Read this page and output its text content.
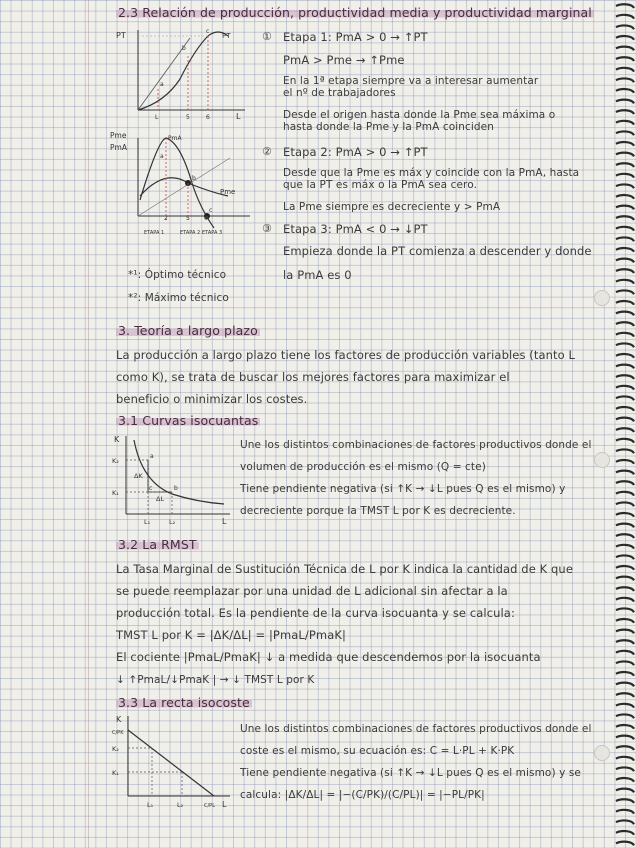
2.3 Relación de producción, productividad media y productividad marginal
PT	PT
a
b
c
L	5	6	L
Pme
PmA
PmA
Pme
a
b
c
2	5 6
ETAPA 1	ETAPA 2 ETAPA 3
① Etapa 1: PmA > 0 → ↑PT
PmA > Pme → ↑Pme
En la 1ª etapa siempre va a interesar aumentar
el nº de trabajadores
Desde el origen hasta donde la Pme sea máxima o
hasta donde la Pme y la PmA coinciden
② Etapa 2: PmA > 0 → ↑PT
Desde que la Pme es máx y coincide con la PmA, hasta
que la PT es máx o la PmA sea cero.
La Pme siempre es decreciente y > PmA
③ Etapa 3: PmA < 0 → ↓PT
Empieza donde la PT comienza a descender y donde
la PmA es 0
*¹: Óptimo técnico
*²: Máximo técnico
3. Teoría a largo plazo
La producción a largo plazo tiene los factores de producción variables (tanto L
como K), se trata de buscar los mejores factores para maximizar el
beneficio o minimizar los costes.
3.1 Curvas isocuantas
K
K₂
K₁
ΔK
ΔL
a
b
c
L₁	L₂	L
Une los distintos combinaciones de factores productivos donde el
volumen de producción es el mismo (Q = cte)
Tiene pendiente negativa (si ↑K → ↓L pues Q es el mismo) y
decreciente porque la TMST L por K es decreciente.
3.2 La RMST
La Tasa Marginal de Sustitución Técnica de L por K indica la cantidad de K que
se puede reemplazar por una unidad de L adicional sin afectar a la
producción total. Es la pendiente de la curva isocuanta y se calcula:
TMST L por K = |ΔK/ΔL| = |PmaL/PmaK|
El cociente |PmaL/PmaK| ↓ a medida que descendemos por la isocuanta
↓ ↑PmaL/↓PmaK | → ↓ TMST L por K
3.3 La recta isocoste
K
C/PK
K₂
K₁
L₁	L₂	C/PL L
Une los distintos combinaciones de factores productivos donde el
coste es el mismo, su ecuación es: C = L·PL + K·PK
Tiene pendiente negativa (si ↑K → ↓L pues Q es el mismo) y se
calcula: |ΔK/ΔL| = |−(C/PK)/(C/PL)| = |−PL/PK|
